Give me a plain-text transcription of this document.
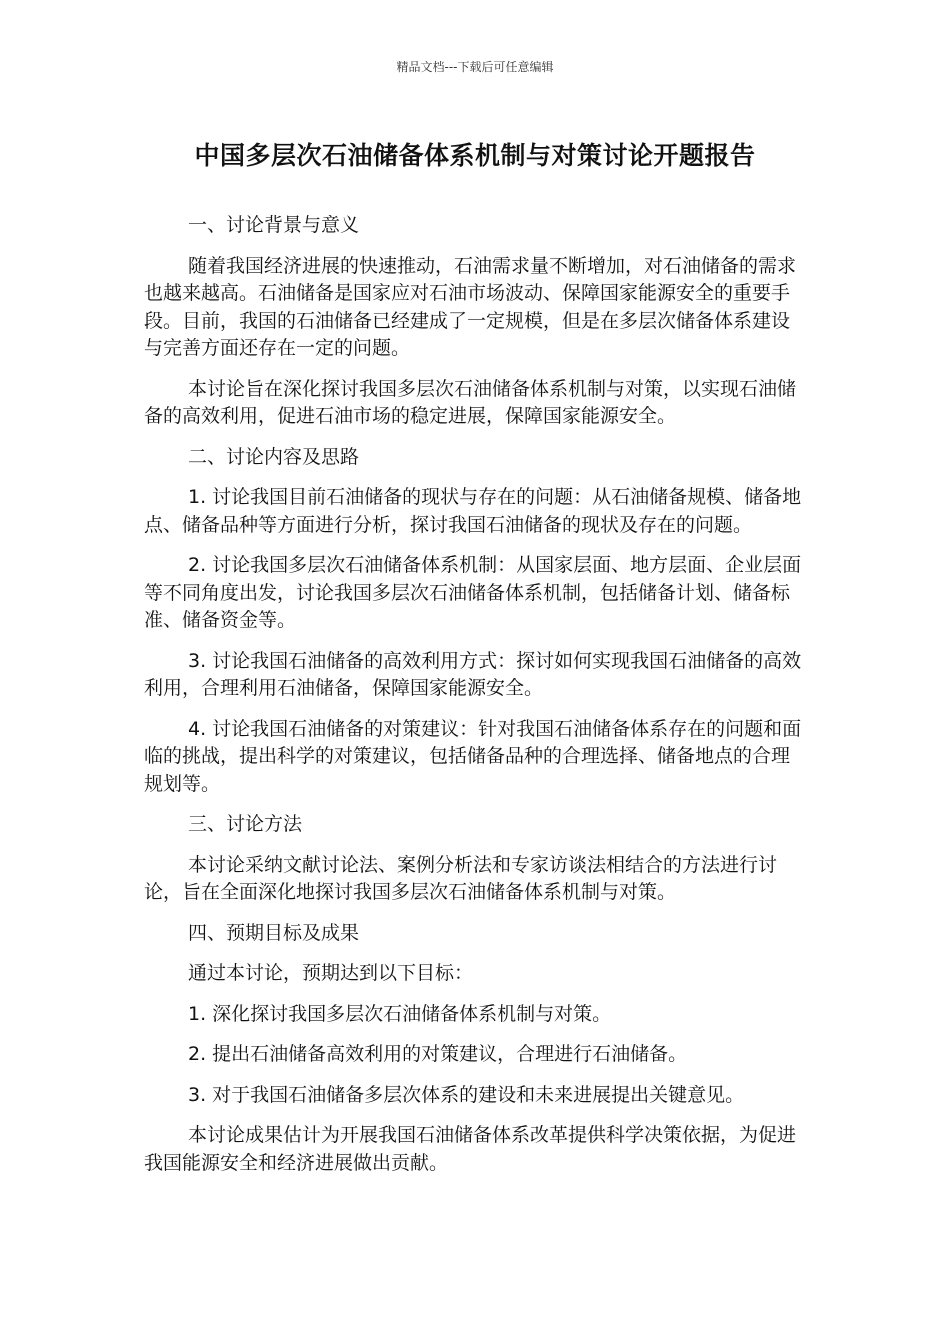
精品文档---下载后可任意编辑
中国多层次石油储备体系机制与对策讨论开题报告

一、讨论背景与意义

随着我国经济进展的快速推动，石油需求量不断增加，对石油储备的需求也越来越高。石油储备是国家应对石油市场波动、保障国家能源安全的重要手段。目前，我国的石油储备已经建成了一定规模，但是在多层次储备体系建设与完善方面还存在一定的问题。

本讨论旨在深化探讨我国多层次石油储备体系机制与对策，以实现石油储备的高效利用，促进石油市场的稳定进展，保障国家能源安全。

二、讨论内容及思路

1. 讨论我国目前石油储备的现状与存在的问题：从石油储备规模、储备地点、储备品种等方面进行分析，探讨我国石油储备的现状及存在的问题。

2. 讨论我国多层次石油储备体系机制：从国家层面、地方层面、企业层面等不同角度出发，讨论我国多层次石油储备体系机制，包括储备计划、储备标准、储备资金等。

3. 讨论我国石油储备的高效利用方式：探讨如何实现我国石油储备的高效利用，合理利用石油储备，保障国家能源安全。

4. 讨论我国石油储备的对策建议：针对我国石油储备体系存在的问题和面临的挑战，提出科学的对策建议，包括储备品种的合理选择、储备地点的合理规划等。

三、讨论方法

本讨论采纳文献讨论法、案例分析法和专家访谈法相结合的方法进行讨论，旨在全面深化地探讨我国多层次石油储备体系机制与对策。

四、预期目标及成果

通过本讨论，预期达到以下目标：

1. 深化探讨我国多层次石油储备体系机制与对策。

2. 提出石油储备高效利用的对策建议，合理进行石油储备。

3. 对于我国石油储备多层次体系的建设和未来进展提出关键意见。

本讨论成果估计为开展我国石油储备体系改革提供科学决策依据，为促进我国能源安全和经济进展做出贡献。
